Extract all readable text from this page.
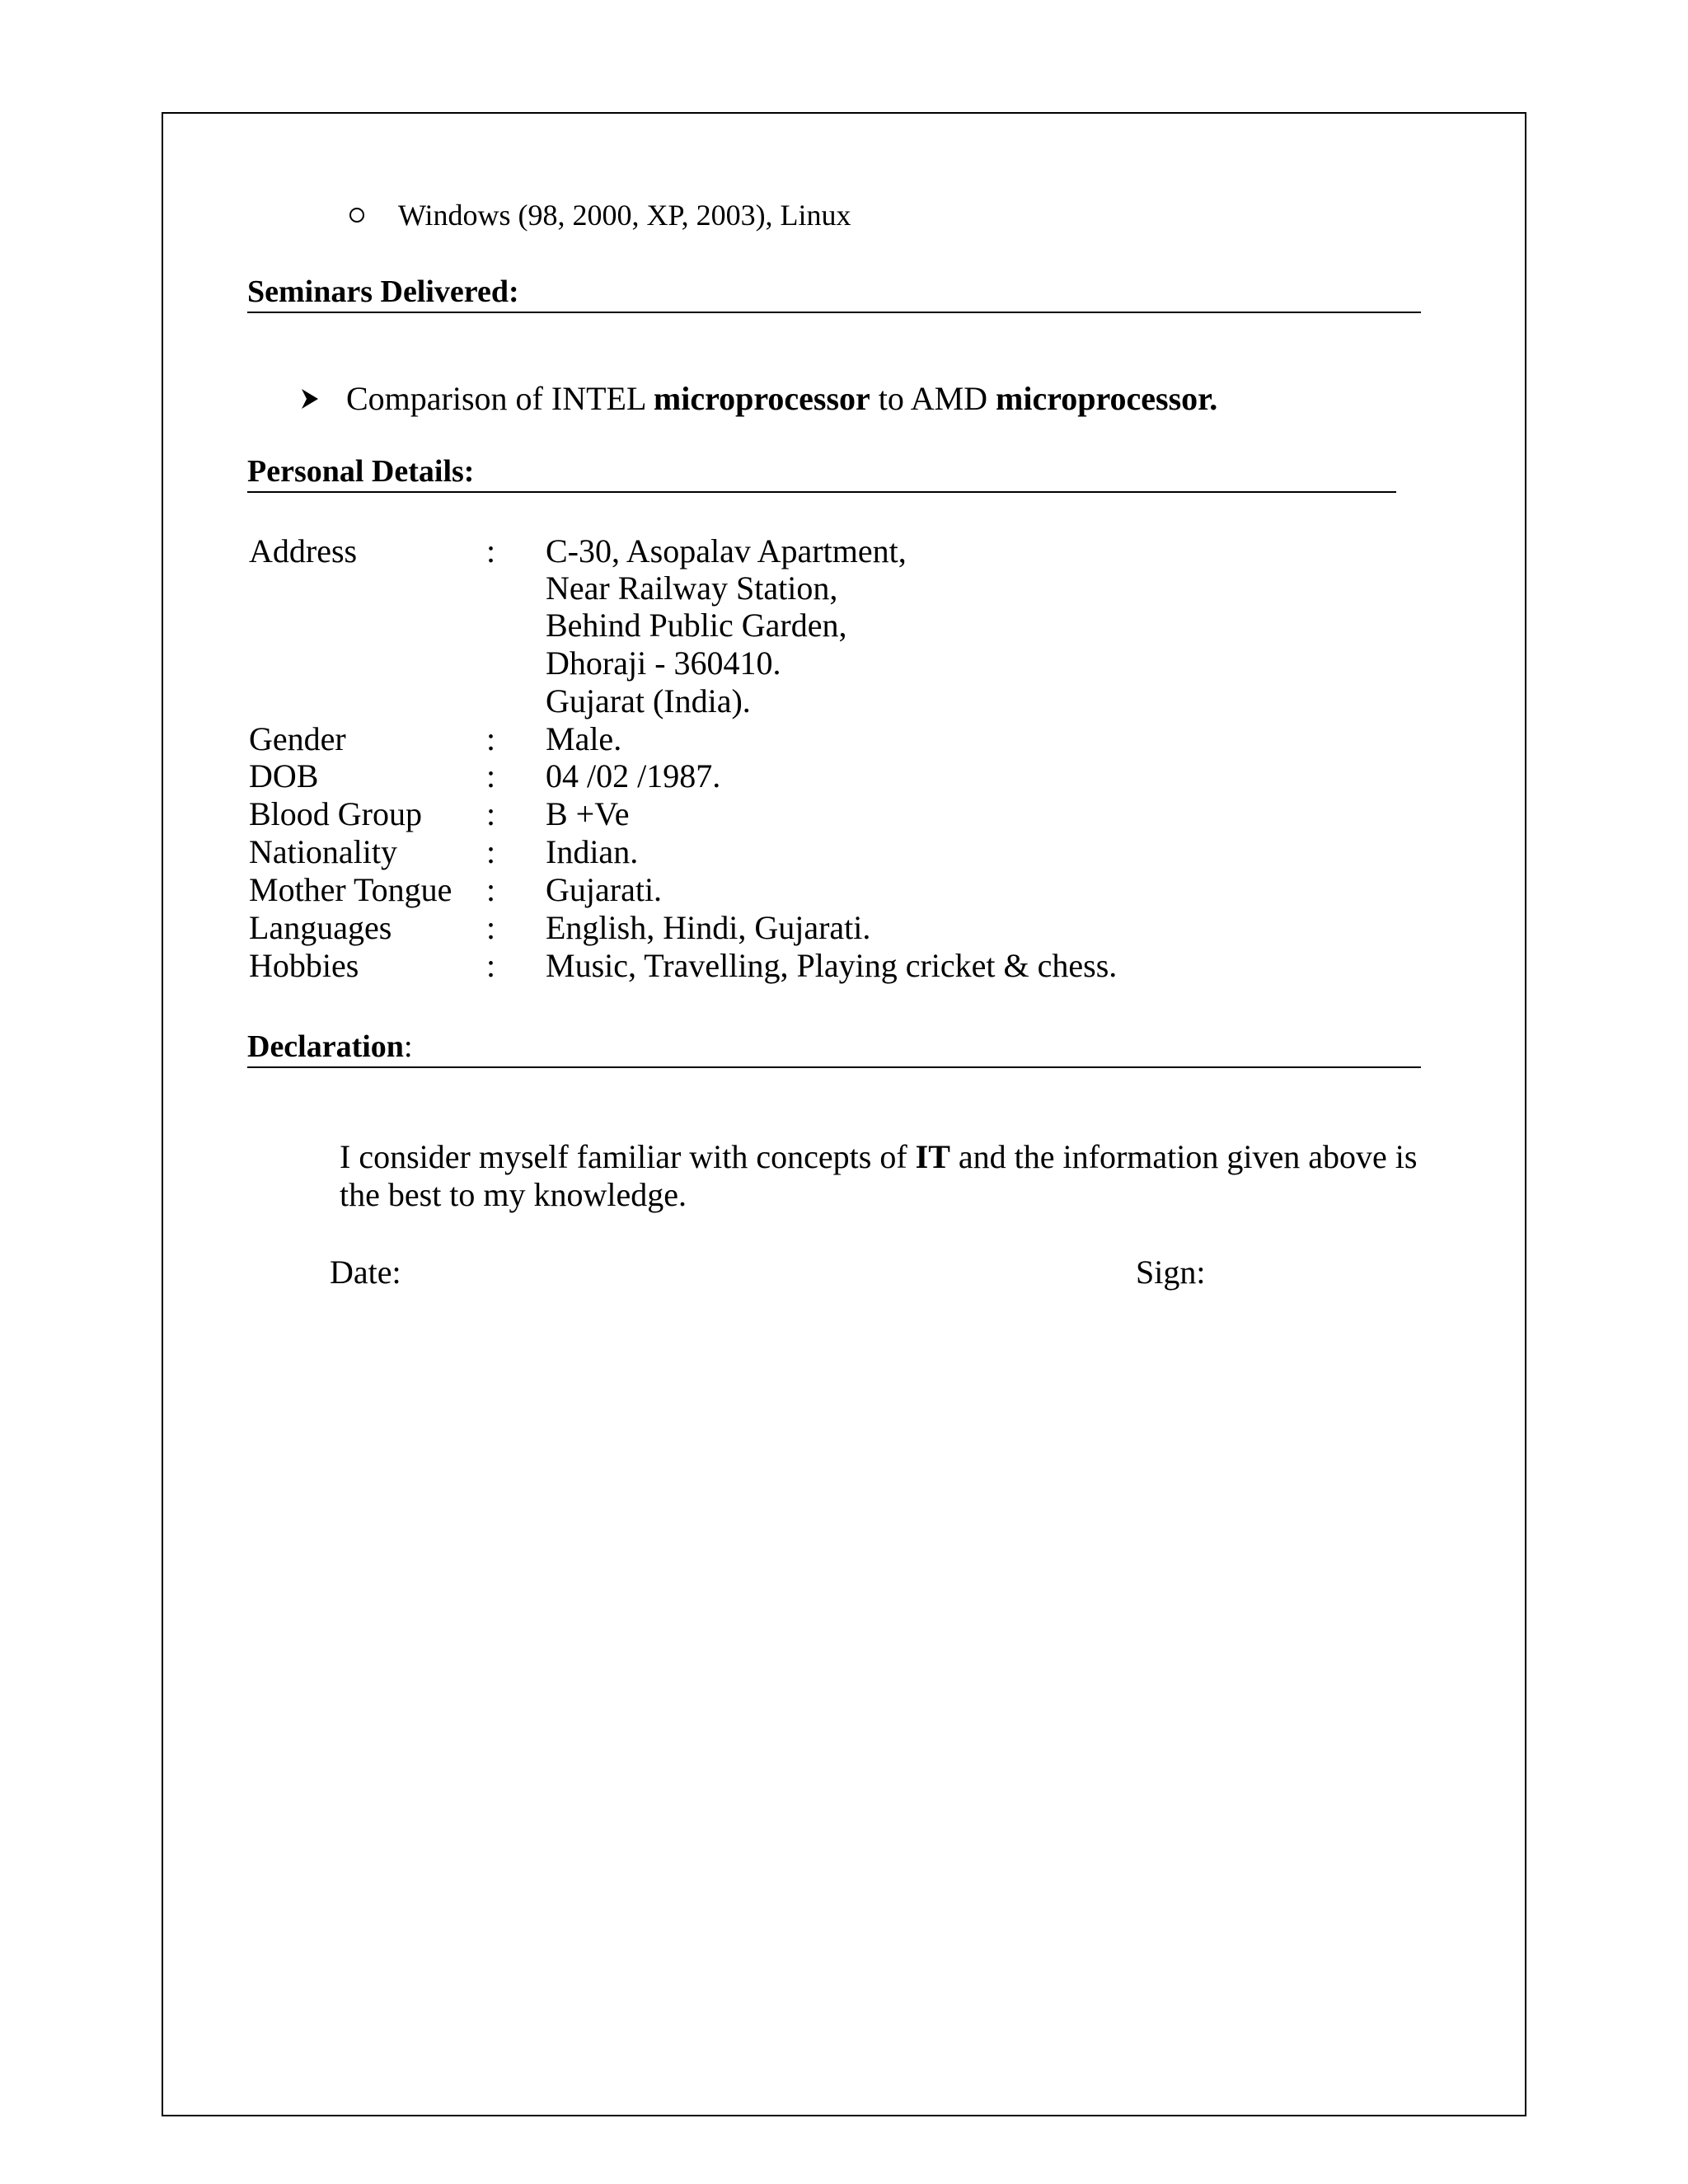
Windows (98, 2000, XP, 2003), Linux
Seminars Delivered:
Comparison of INTEL microprocessor to AMD microprocessor.
Personal Details:
Address	: C-30, Asopalav Apartment,
Near Railway Station,
Behind Public Garden,
Dhoraji - 360410.
Gujarat (India).
Gender	: Male.
DOB	: 04 /02 /1987.
Blood Group : B +Ve
Nationality	: Indian.
Mother Tongue : Gujarati.
Languages	: English, Hindi, Gujarati.
Hobbies	: Music, Travelling, Playing cricket & chess.
Declaration:
I consider myself familiar with concepts of IT and the information given above is
the best to my knowledge.
Date:	Sign:
